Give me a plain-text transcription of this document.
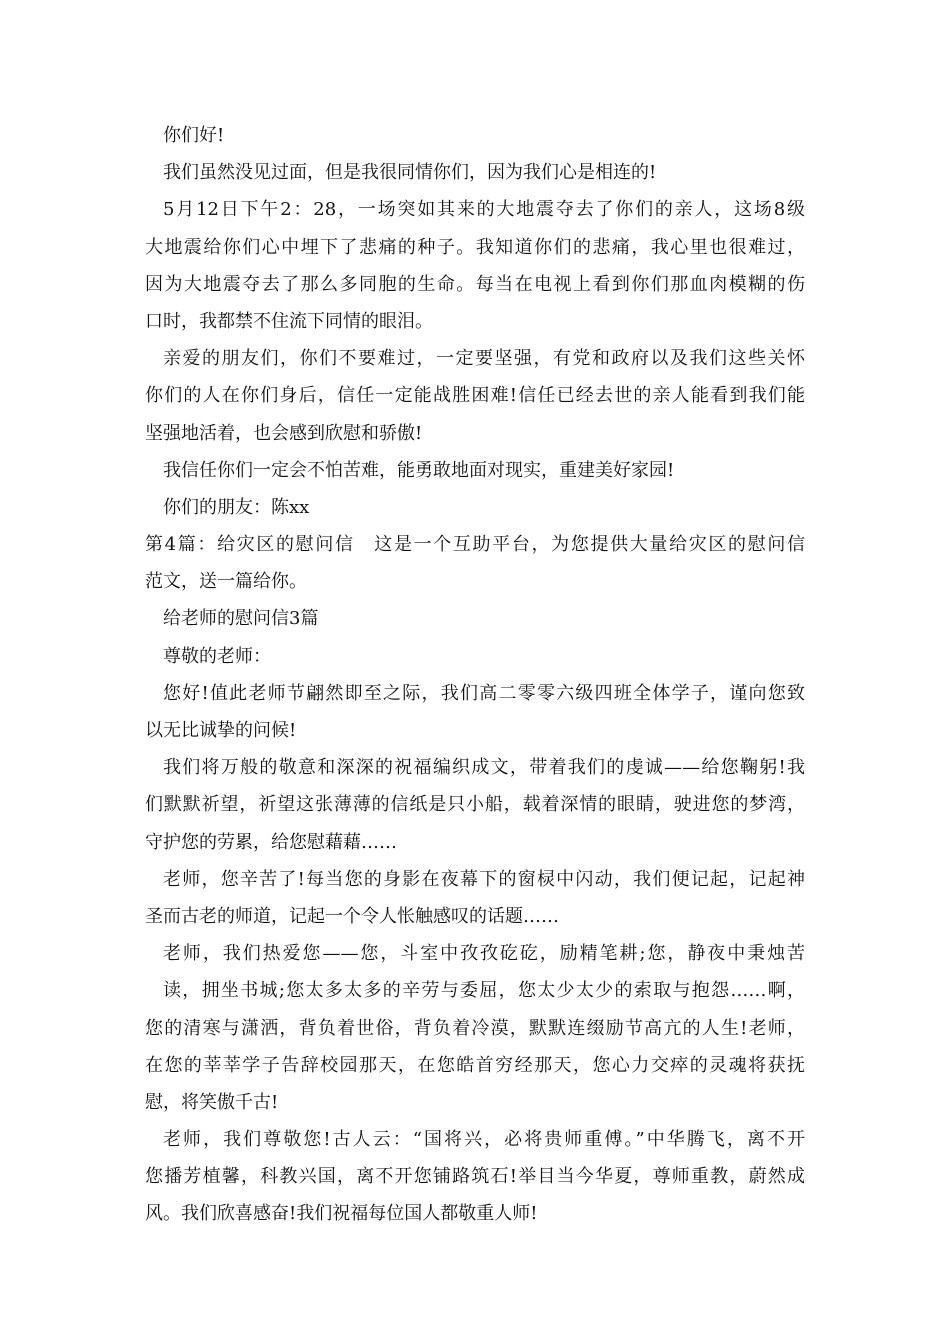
你们好!
我们虽然没见过面，但是我很同情你们，因为我们心是相连的!
5月12日下午2：28，一场突如其来的大地震夺去了你们的亲人，这场8级
大地震给你们心中埋下了悲痛的种子。我知道你们的悲痛，我心里也很难过，
因为大地震夺去了那么多同胞的生命。每当在电视上看到你们那血肉模糊的伤
口时，我都禁不住流下同情的眼泪。
亲爱的朋友们，你们不要难过，一定要坚强，有党和政府以及我们这些关怀
你们的人在你们身后，信任一定能战胜困难!信任已经去世的亲人能看到我们能
坚强地活着，也会感到欣慰和骄傲!
我信任你们一定会不怕苦难，能勇敢地面对现实，重建美好家园!
你们的朋友：陈xx
第4篇：给灾区的慰问信　这是一个互助平台，为您提供大量给灾区的慰问信
范文，送一篇给你。
给老师的慰问信3篇
尊敬的老师：
您好!值此老师节翩然即至之际，我们高二零零六级四班全体学子，谨向您致
以无比诚挚的问候!
我们将万般的敬意和深深的祝福编织成文，带着我们的虔诚——给您鞠躬!我
们默默祈望，祈望这张薄薄的信纸是只小船，载着深情的眼睛，驶进您的梦湾，
守护您的劳累，给您慰藉藉……
老师，您辛苦了!每当您的身影在夜幕下的窗棂中闪动，我们便记起，记起神
圣而古老的师道，记起一个令人怅触感叹的话题……
老师，我们热爱您——您，斗室中孜孜矻矻，励精笔耕;您，静夜中秉烛苦
读，拥坐书城;您太多太多的辛劳与委屈，您太少太少的索取与抱怨……啊，
您的清寒与潇洒，背负着世俗，背负着冷漠，默默连缀励节高亢的人生!老师，
在您的莘莘学子告辞校园那天，在您皓首穷经那天，您心力交瘁的灵魂将获抚
慰，将笑傲千古!
老师，我们尊敬您!古人云：“国将兴，必将贵师重傅。”中华腾飞，离不开
您播芳植馨，科教兴国，离不开您铺路筑石!举目当今华夏，尊师重教，蔚然成
风。我们欣喜感奋!我们祝福每位国人都敬重人师!
